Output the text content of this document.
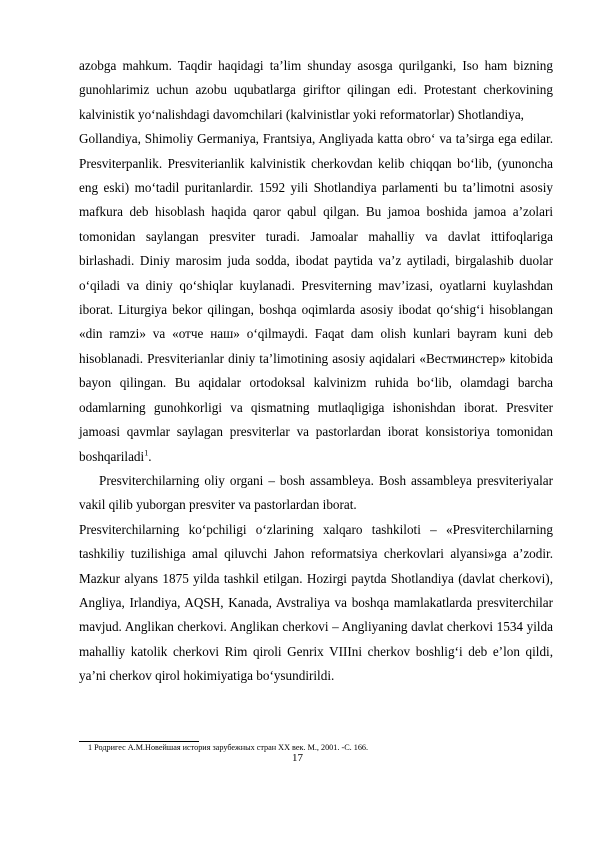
azobga mahkum. Taqdir haqidagi ta’lim shunday asosga qurilganki, Iso ham bizning gunohlarimiz uchun azobu uqubatlarga giriftor qilingan edi. Protestant cherkovining kalvinistik yo‘nalishdagi davomchilari (kalvinistlar yoki reformatorlar) Shotlandiya,

Gollandiya, Shimoliy Germaniya, Frantsiya, Angliyada katta obro‘ va ta’sirga ega edilar. Presviterpanlik. Presviterianlik kalvinistik cherkovdan kelib chiqqan bo‘lib, (yunoncha eng eski) mo‘tadil puritanlardir. 1592 yili Shotlandiya parlamenti bu ta’limotni asosiy mafkura deb hisoblash haqida qaror qabul qilgan. Bu jamoa boshida jamoa a’zolari tomonidan saylangan presviter turadi. Jamoalar mahalliy va davlat ittifoqlariga birlashadi. Diniy marosim juda sodda, ibodat paytida va’z aytiladi, birgalashib duolar o‘qiladi va diniy qo‘shiqlar kuylanadi. Presviterning mav’izasi, oyatlarni kuylashdan iborat. Liturgiya bekor qilingan, boshqa oqimlarda asosiy ibodat qo‘shig‘i hisoblangan «din ramzi» va «отче наш» o‘qilmaydi. Faqat dam olish kunlari bayram kuni deb hisoblanadi. Presviterianlar diniy ta’limotining asosiy aqidalari «Вестминстер» kitobida bayon qilingan. Bu aqidalar ortodoksal kalvinizm ruhida bo‘lib, olamdagi barcha odamlarning gunohkorligi va qismatning mutlaqligiga ishonishdan iborat. Presviter jamoasi qavmlar saylagan presviterlar va pastorlardan iborat konsistoriya tomonidan boshqariladi$^1$.

Presviterchilarning oliy organi – bosh assambleya. Bosh assambleya presviteriyalar vakil qilib yuborgan presviter va pastorlardan iborat.

Presviterchilarning ko‘pchiligi o‘zlarining xalqaro tashkiloti – «Presviterchilarning tashkiliy tuzilishiga amal qiluvchi Jahon reformatsiya cherkovlari alyansi»ga a’zodir. Mazkur alyans 1875 yilda tashkil etilgan. Hozirgi paytda Shotlandiya (davlat cherkovi), Angliya, Irlandiya, AQSH, Kanada, Avstraliya va boshqa mamlakatlarda presviterchilar mavjud. Anglikan cherkovi. Anglikan cherkovi – Angliyaning davlat cherkovi 1534 yilda mahalliy katolik cherkovi Rim qiroli Genrix VIIIni cherkov boshlig‘i deb e’lon qildi, ya’ni cherkov qirol hokimiyatiga bo‘ysundirildi.

1 Родригес А.М.Новейшая история зарубежных стран XX век. М., 2001. -С. 166.
17
